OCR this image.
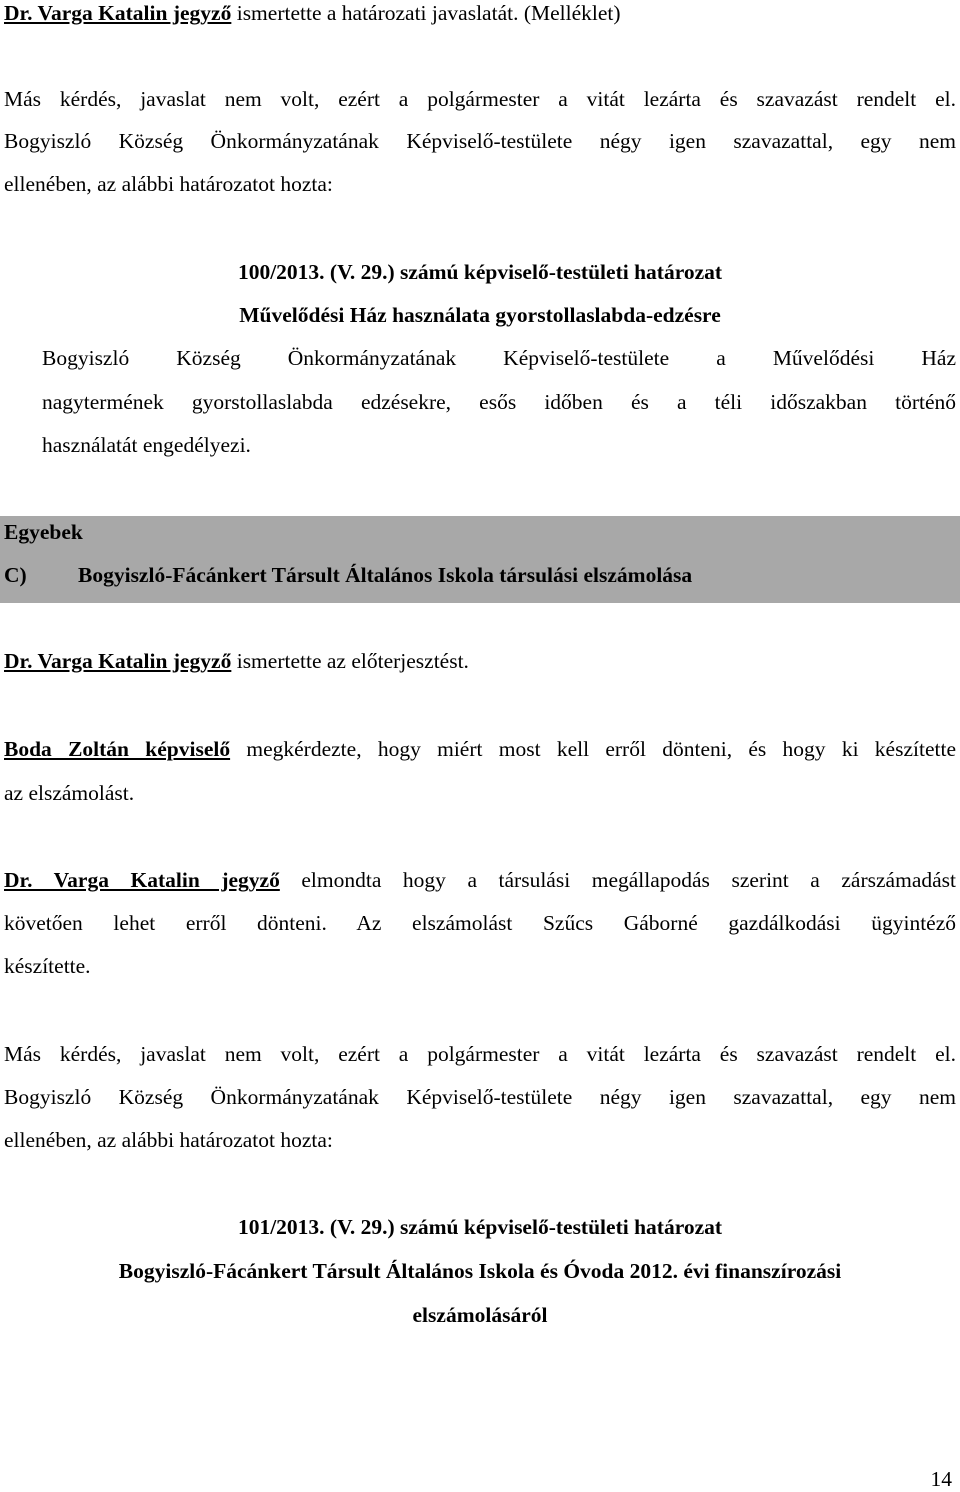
Dr. Varga Katalin jegyző ismertette a határozati javaslatát. (Melléklet)
Más kérdés, javaslat nem volt, ezért a polgármester a vitát lezárta és szavazást rendelt el.
Bogyiszló Község Önkormányzatának Képviselő-testülete négy igen szavazattal, egy nem
ellenében, az alábbi határozatot hozta:
100/2013. (V. 29.) számú képviselő-testületi határozat
Művelődési Ház használata gyorstollaslabda-edzésre
Bogyiszló Község Önkormányzatának Képviselő-testülete a Művelődési Ház
nagytermének gyorstollaslabda edzésekre, esős időben és a téli időszakban történő
használatát engedélyezi.
Egyebek
C) Bogyiszló-Fácánkert Társult Általános Iskola társulási elszámolása
Dr. Varga Katalin jegyző ismertette az előterjesztést.
Boda Zoltán képviselő megkérdezte, hogy miért most kell erről dönteni, és hogy ki készítette
az elszámolást.
Dr. Varga Katalin jegyző elmondta hogy a társulási megállapodás szerint a zárszámadást
követően lehet erről dönteni. Az elszámolást Szűcs Gáborné gazdálkodási ügyintéző
készítette.
Más kérdés, javaslat nem volt, ezért a polgármester a vitát lezárta és szavazást rendelt el.
Bogyiszló Község Önkormányzatának Képviselő-testülete négy igen szavazattal, egy nem
ellenében, az alábbi határozatot hozta:
101/2013. (V. 29.) számú képviselő-testületi határozat
Bogyiszló-Fácánkert Társult Általános Iskola és Óvoda 2012. évi finanszírozási
elszámolásáról
14
